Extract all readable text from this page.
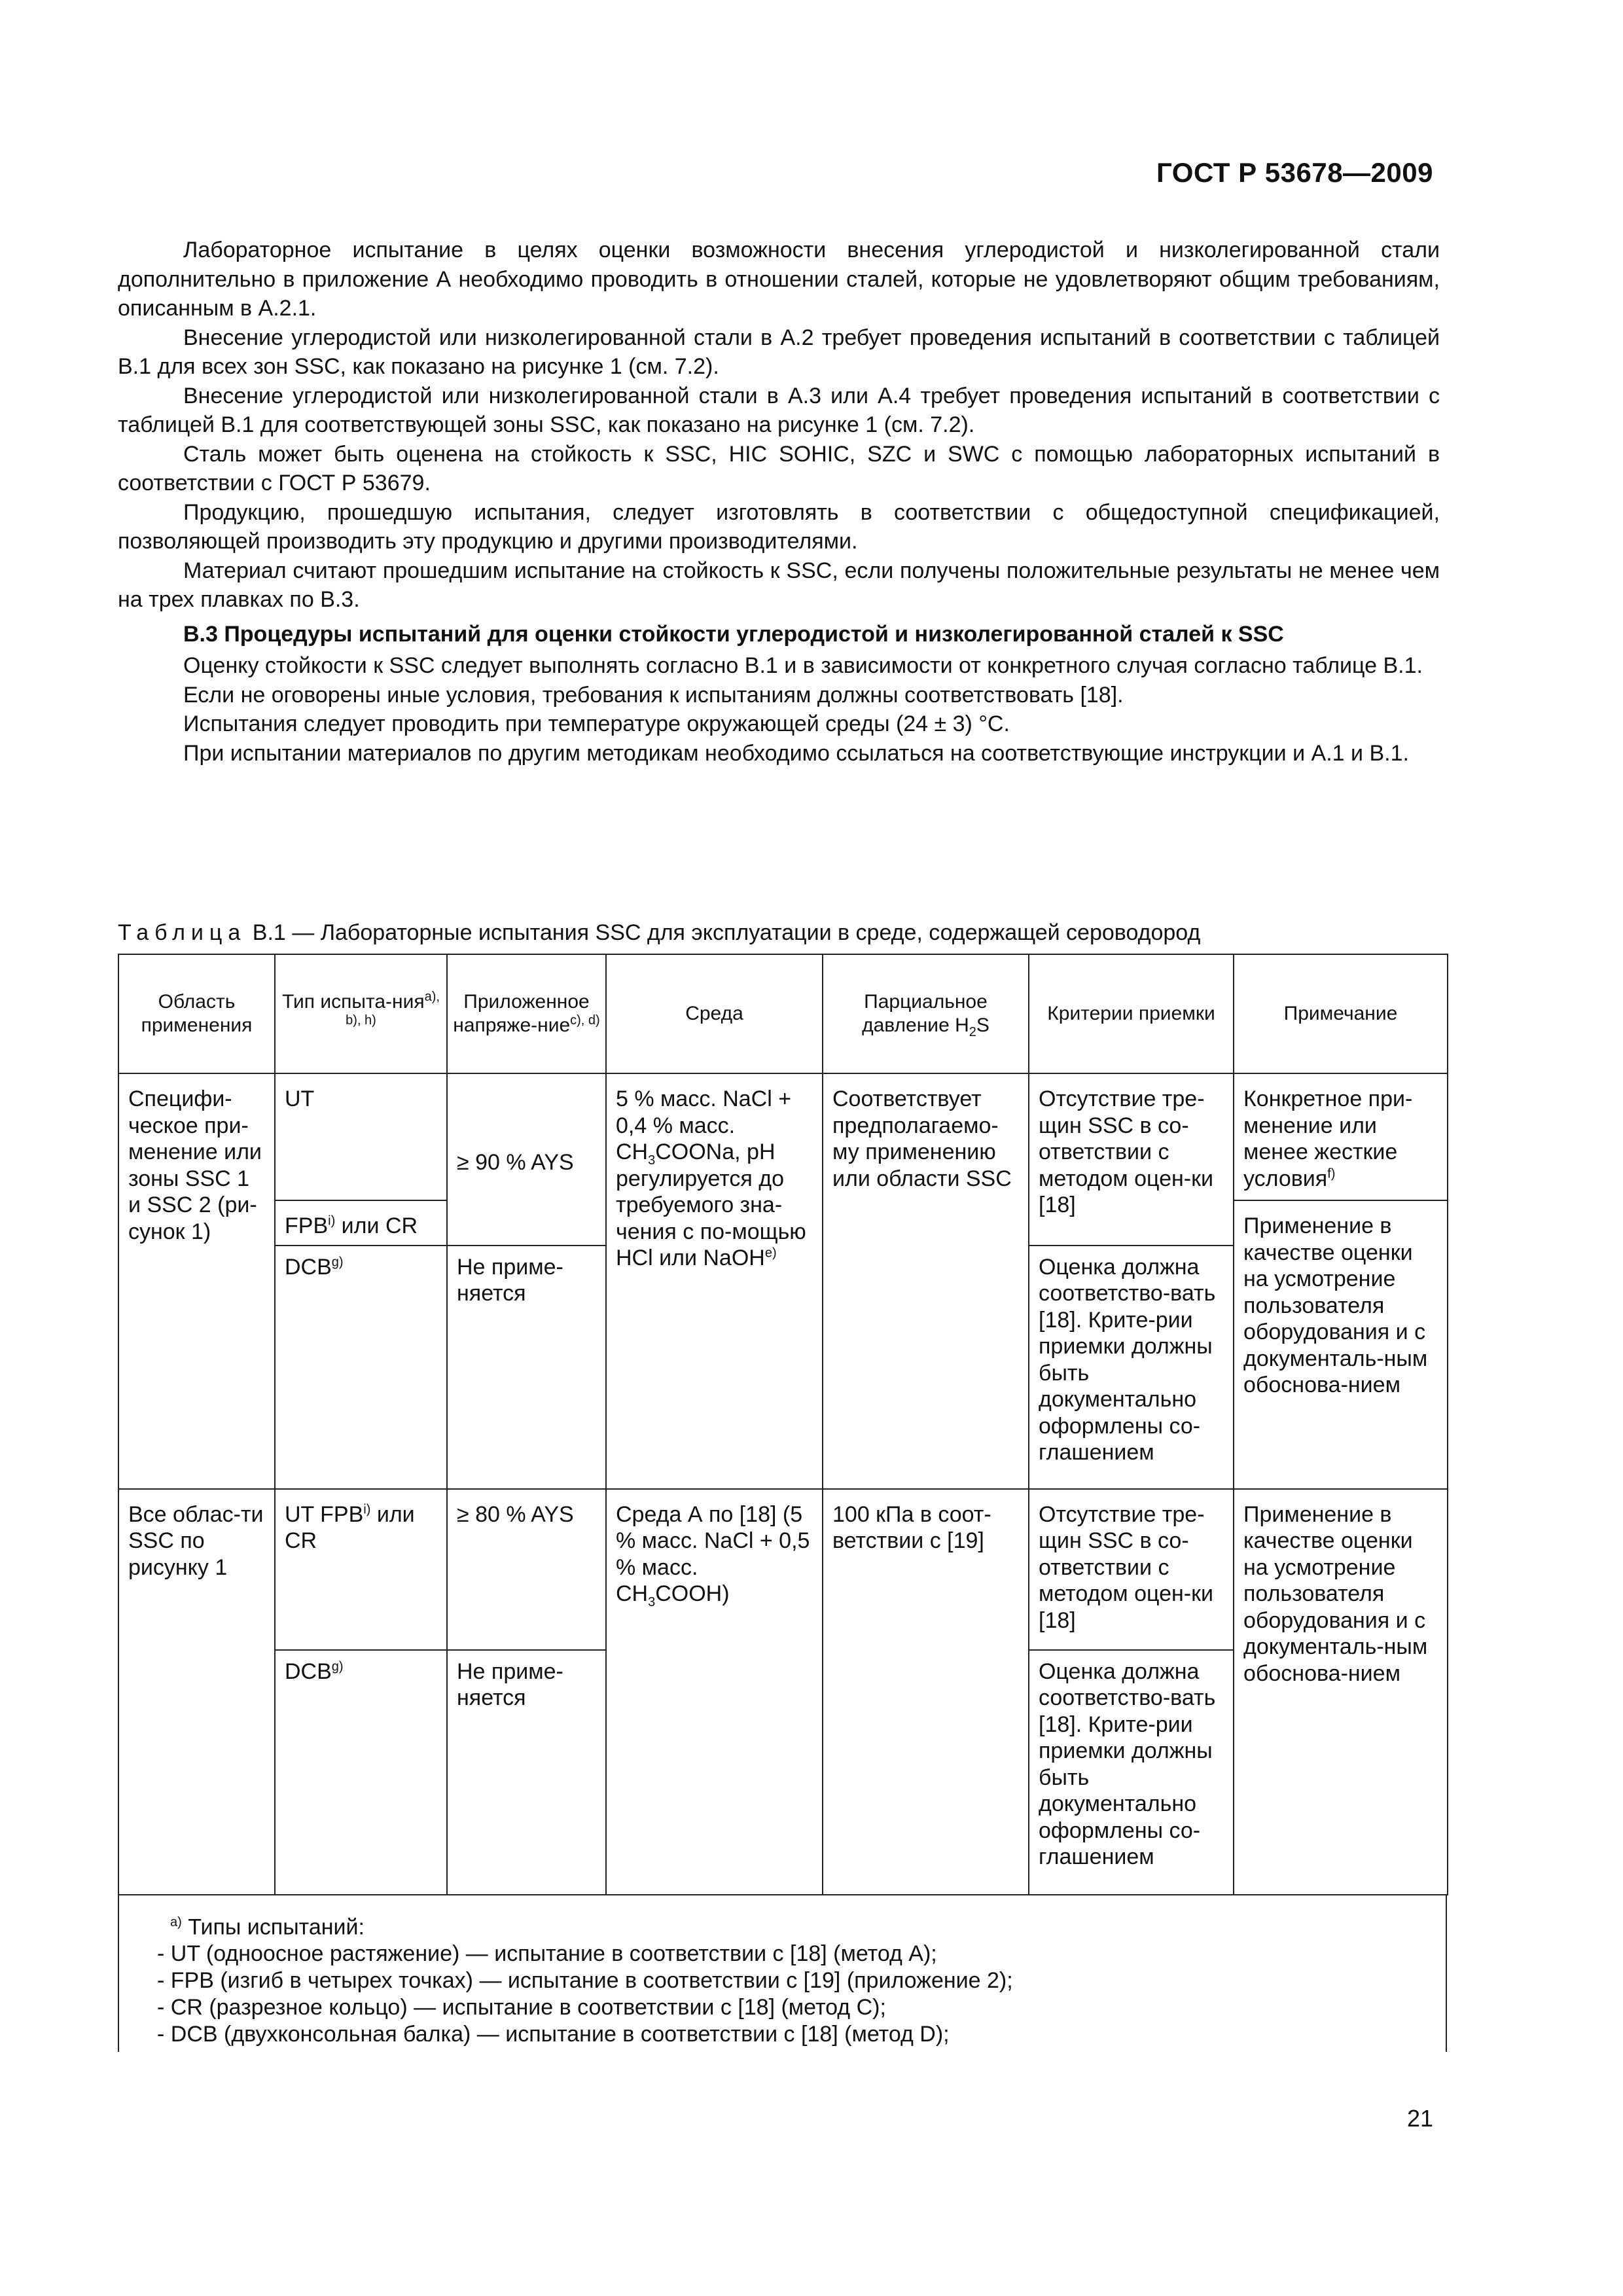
ГОСТ Р 53678—2009

Лабораторное испытание в целях оценки возможности внесения углеродистой и низколегированной стали дополнительно в приложение А необходимо проводить в отношении сталей, которые не удовлетворяют общим требованиям, описанным в А.2.1.

Внесение углеродистой или низколегированной стали в А.2 требует проведения испытаний в соответствии с таблицей В.1 для всех зон SSC, как показано на рисунке 1 (см. 7.2).

Внесение углеродистой или низколегированной стали в А.3 или А.4 требует проведения испытаний в соответствии с таблицей В.1 для соответствующей зоны SSC, как показано на рисунке 1 (см. 7.2).

Сталь может быть оценена на стойкость к SSC, HIC SOHIC, SZC и SWC с помощью лабораторных испытаний в соответствии с ГОСТ Р 53679.

Продукцию, прошедшую испытания, следует изготовлять в соответствии с общедоступной спецификацией, позволяющей производить эту продукцию и другими производителями.

Материал считают прошедшим испытание на стойкость к SSC, если получены положительные результаты не менее чем на трех плавках по В.3.

В.3 Процедуры испытаний для оценки стойкости углеродистой и низколегированной сталей к SSC

Оценку стойкости к SSC следует выполнять согласно В.1 и в зависимости от конкретного случая согласно таблице В.1.

Если не оговорены иные условия, требования к испытаниям должны соответствовать [18].

Испытания следует проводить при температуре окружающей среды (24 ± 3) °C.

При испытании материалов по другим методикам необходимо ссылаться на соответствующие инструкции и А.1 и В.1.

Таблица В.1 — Лабораторные испытания SSC для эксплуатации в среде, содержащей сероводород
Область применения	Тип испыта-ния$^{a), b), h)}$	Приложенное напряже-ние$^{c), d)}$	Среда	Парциальное давление $H_2S$	Критерии приемки	Примечание
Специфи-ческое при-менение или зоны SSC 1 и SSC 2 (ри-сунок 1)	UT	≥ 90 % AYS	5 % масс. NaCl + 0,4 % масс. $CH_3COONa$, pH регулируется до требуемого зна-чения с по-мощью HCl или NaOH$^{e)}$	Соответствует предполагаемо-му применению или области SSC	Отсутствие тре-щин SSC в со-ответствии с методом оцен-ки [18]	Конкретное при-менение или менее жесткие условия$^{f)}$
	FPB$^{i)}$ или CR					Применение в качестве оценки на усмотрение пользователя оборудования и с документаль-ным обоснова-нием
	DCB$^{g)}$	Не приме-няется			Оценка должна соответство-вать [18]. Крите-рии приемки должны быть документально оформлены со-глашением	
Все облас-ти SSC по рисунку 1	UT FPB$^{i)}$ или CR	≥ 80 % AYS	Среда А по [18] (5 % масс. NaCl + 0,5 % масс. $CH_3COOH$)	100 кПа в соот-ветствии с [19]	Отсутствие тре-щин SSC в со-ответствии с методом оцен-ки [18]	Применение в качестве оценки на усмотрение пользователя оборудования и с документаль-ным обоснова-нием
	DCB$^{g)}$	Не приме-няется			Оценка должна соответство-вать [18]. Крите-рии приемки должны быть документально оформлены со-глашением	
$^{a)}$ Типы испытаний:
- UT (одноосное растяжение) — испытание в соответствии с [18] (метод А);
- FPB (изгиб в четырех точках) — испытание в соответствии с [19] (приложение 2);
- CR (разрезное кольцо) — испытание в соответствии с [18] (метод С);
- DCB (двухконсольная балка) — испытание в соответствии с [18] (метод D);
21
